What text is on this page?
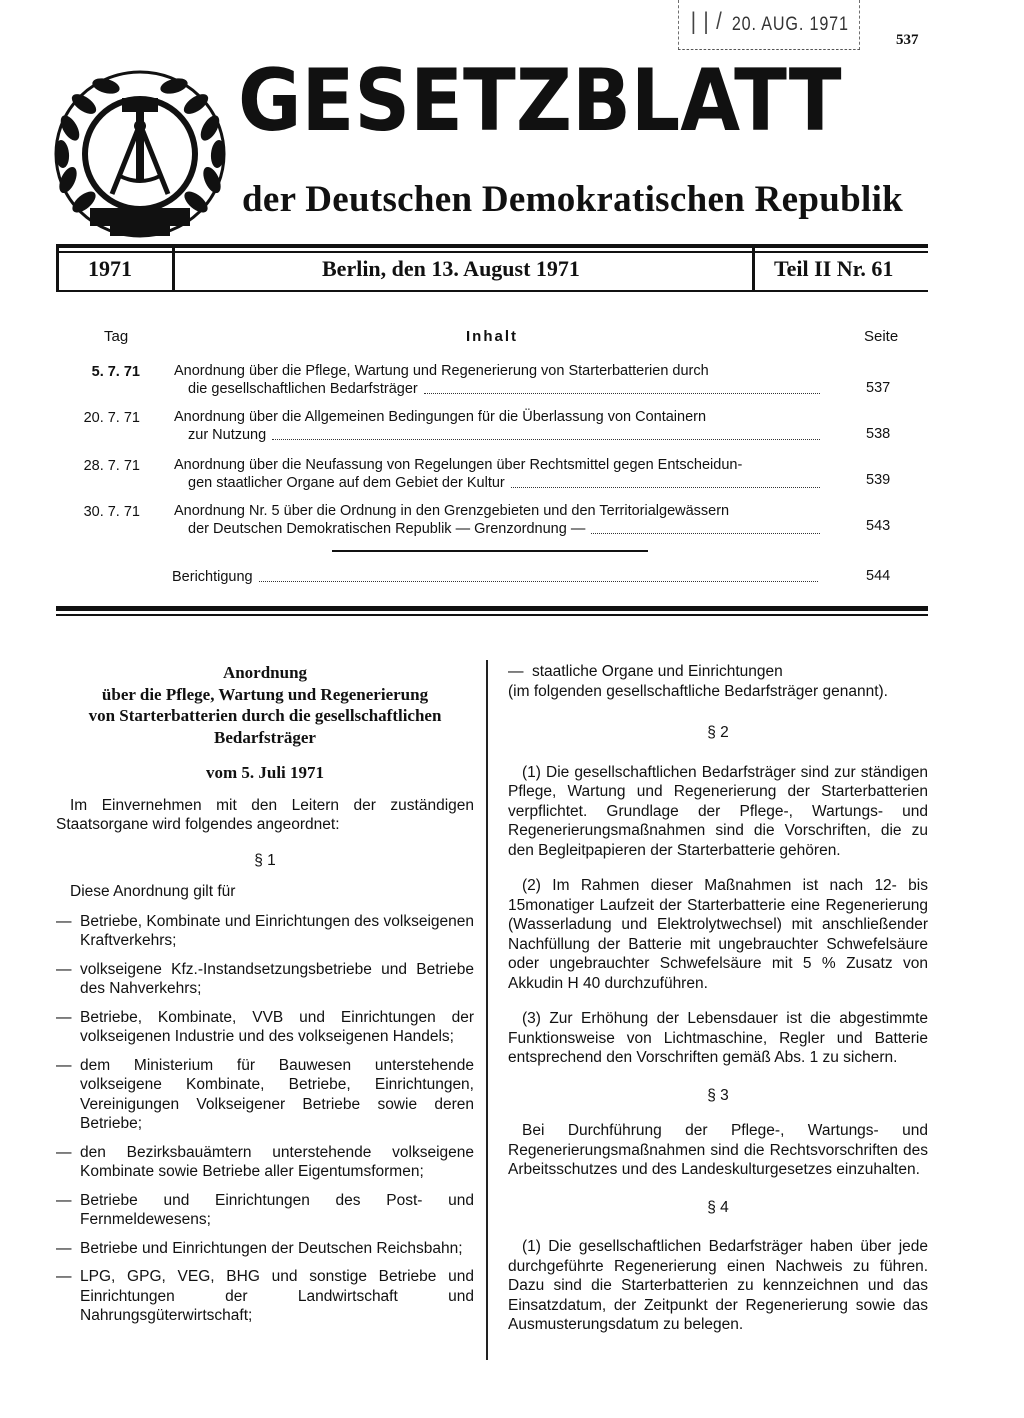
| | / 20. AUG. 1971
537
GESETZBLATT
der Deutschen Demokratischen Republik
1971	Berlin, den 13. August 1971	Teil II Nr. 61
Tag	Inhalt	Seite
5. 7. 71 Anordnung über die Pflege, Wartung und Regenerierung von Starterbatterien durch
die gesellschaftlichen Bedarfsträger	537
20. 7. 71 Anordnung über die Allgemeinen Bedingungen für die Überlassung von Containern
zur Nutzung	538
28. 7. 71 Anordnung über die Neufassung von Regelungen über Rechtsmittel gegen Entscheidun-
gen staatlicher Organe auf dem Gebiet der Kultur	539
30. 7. 71 Anordnung Nr. 5 über die Ordnung in den Grenzgebieten und den Territorialgewässern
der Deutschen Demokratischen Republik — Grenzordnung —	543
Berichtigung	544
Anordnung
über die Pflege, Wartung und Regenerierung
von Starterbatterien durch die gesellschaftlichen
Bedarfsträger
vom 5. Juli 1971

Im Einvernehmen mit den Leitern der zuständigen Staatsorgane wird folgendes angeordnet:

§ 1

Diese Anordnung gilt für

— Betriebe, Kombinate und Einrichtungen des volkseigenen Kraftverkehrs;
— volkseigene Kfz.-Instandsetzungsbetriebe und Betriebe des Nahverkehrs;
— Betriebe, Kombinate, VVB und Einrichtungen der volkseigenen Industrie und des volkseigenen Handels;
— dem Ministerium für Bauwesen unterstehende volkseigene Kombinate, Betriebe, Einrichtungen, Vereinigungen Volkseigener Betriebe sowie deren Betriebe;
— den Bezirksbauämtern unterstehende volkseigene Kombinate sowie Betriebe aller Eigentumsformen;
— Betriebe und Einrichtungen des Post- und Fernmeldewesens;
— Betriebe und Einrichtungen der Deutschen Reichsbahn;
— LPG, GPG, VEG, BHG und sonstige Betriebe und Einrichtungen der Landwirtschaft und Nahrungsgüterwirtschaft;
— staatliche Organe und Einrichtungen

(im folgenden gesellschaftliche Bedarfsträger genannt).

§ 2

(1) Die gesellschaftlichen Bedarfsträger sind zur ständigen Pflege, Wartung und Regenerierung der Starterbatterien verpflichtet. Grundlage der Pflege-, Wartungs- und Regenerierungsmaßnahmen sind die Vorschriften, die zu den Begleitpapieren der Starterbatterie gehören.

(2) Im Rahmen dieser Maßnahmen ist nach 12- bis 15monatiger Laufzeit der Starterbatterie eine Regenerierung (Wasserladung und Elektrolytwechsel) mit anschließender Nachfüllung der Batterie mit ungebrauchter Schwefelsäure oder ungebrauchter Schwefelsäure mit 5 % Zusatz von Akkudin H 40 durchzuführen.

(3) Zur Erhöhung der Lebensdauer ist die abgestimmte Funktionsweise von Lichtmaschine, Regler und Batterie entsprechend den Vorschriften gemäß Abs. 1 zu sichern.

§ 3

Bei Durchführung der Pflege-, Wartungs- und Regenerierungsmaßnahmen sind die Rechtsvorschriften des Arbeitsschutzes und des Landeskulturgesetzes einzuhalten.

§ 4

(1) Die gesellschaftlichen Bedarfsträger haben über jede durchgeführte Regenerierung einen Nachweis zu führen. Dazu sind die Starterbatterien zu kennzeichnen und das Einsatzdatum, der Zeitpunkt der Regenerierung sowie das Ausmusterungsdatum zu belegen.
